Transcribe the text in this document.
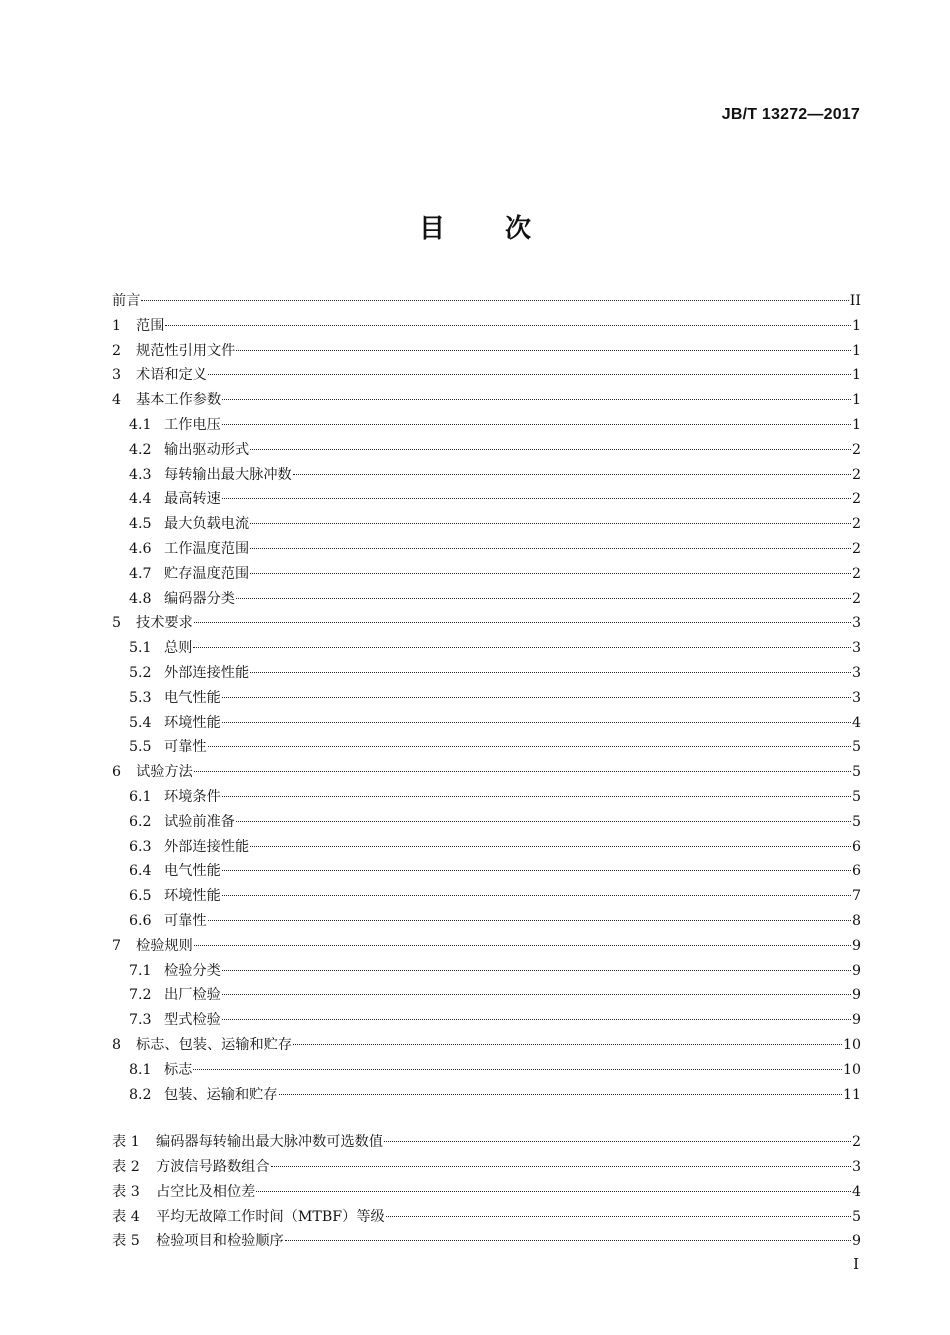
JB/T 13272—2017
目 次
前言	II
1	范围	1
2	规范性引用文件	1
3	术语和定义	1
4	基本工作参数	1
4.1 工作电压	1
4.2 输出驱动形式	2
4.3 每转输出最大脉冲数	2
4.4 最高转速	2
4.5 最大负载电流	2
4.6 工作温度范围	2
4.7 贮存温度范围	2
4.8 编码器分类	2
5	技术要求	3
5.1 总则	3
5.2 外部连接性能	3
5.3 电气性能	3
5.4 环境性能	4
5.5 可靠性	5
6	试验方法	5
6.1 环境条件	5
6.2 试验前准备	5
6.3 外部连接性能	6
6.4 电气性能	6
6.5 环境性能	7
6.6 可靠性	8
7	检验规则	9
7.1 检验分类	9
7.2 出厂检验	9
7.3 型式检验	9
8	标志、包装、运输和贮存	10
8.1 标志	10
8.2 包装、运输和贮存	11
表 1	编码器每转输出最大脉冲数可选数值	2
表 2	方波信号路数组合	3
表 3	占空比及相位差	4
表 4	平均无故障工作时间（MTBF）等级	5
表 5	检验项目和检验顺序	9
I
